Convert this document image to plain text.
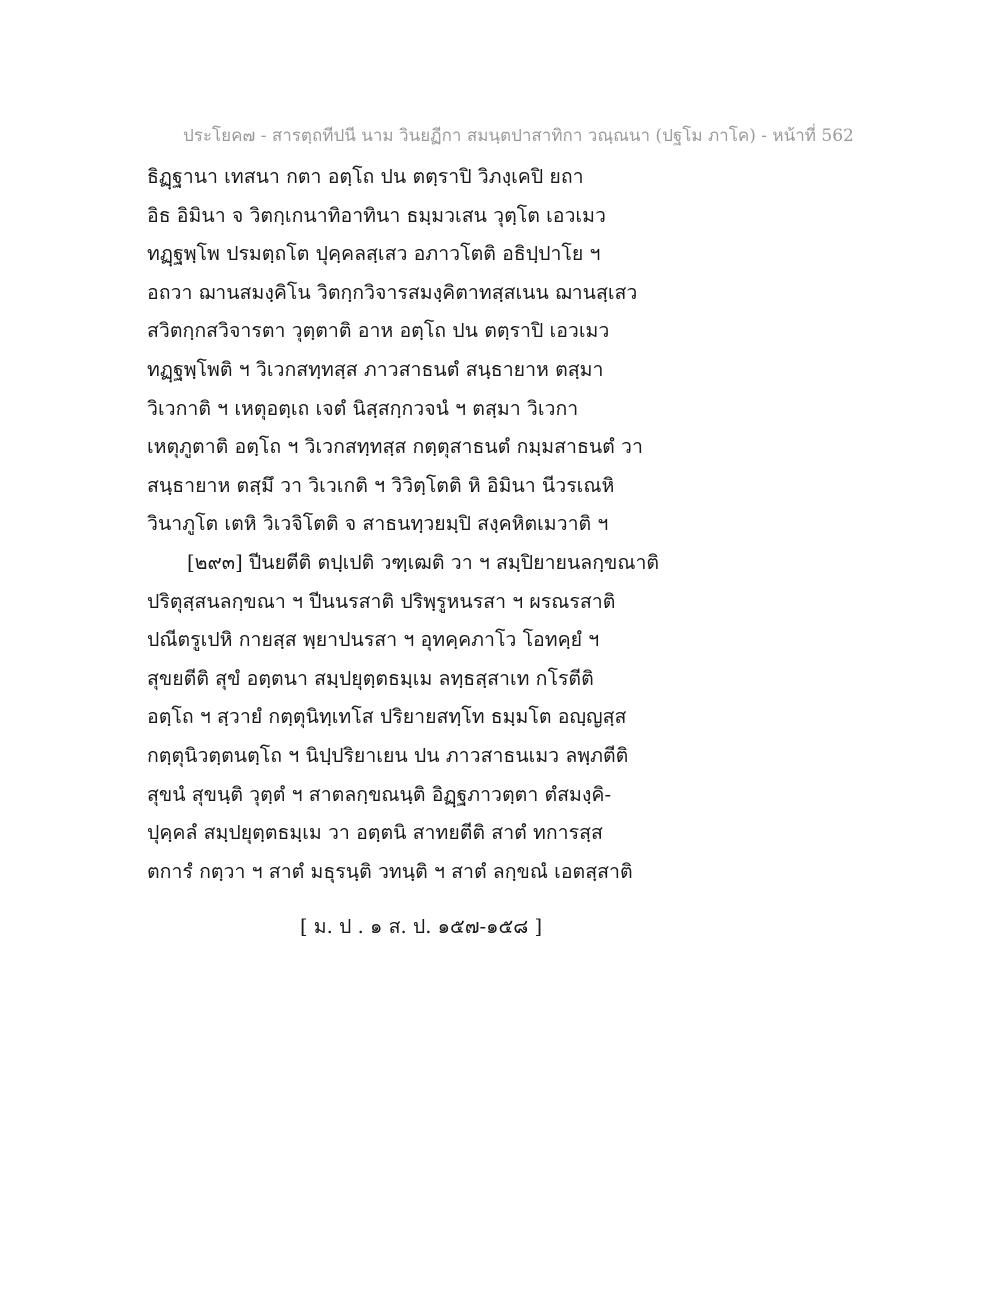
ประโยค๗ - สารตฺถทีปนี นาม วินยฏีกา สมนฺตปาสาทิกา วณฺณนา (ปฐโม ภาโค) - หน้าที่ 562
ธิฏฺฐานา เทสนา กตา อตฺโถ ปน ตตฺราปิ วิภงฺเคปิ ยถา
อิธ อิมินา จ วิตกฺเกนาทิอาทินา ธมฺมวเสน วุตฺโต เอวเมว
ทฏฺฐพฺโพ ปรมตฺถโต ปุคฺคลสฺเสว อภาวโตติ อธิปฺปาโย ฯ
อถวา ฌานสมงฺคิโน วิตกฺกวิจารสมงฺคิตาทสฺสเนน ฌานสฺเสว
สวิตกฺกสวิจารตา วุตฺตาติ อาห อตฺโถ ปน ตตฺราปิ เอวเมว
ทฏฺฐพฺโพติ ฯ วิเวกสทฺทสฺส ภาวสาธนตํ สนฺธายาห ตสฺมา
วิเวกาติ ฯ เหตุอตฺเถ เจตํ นิสฺสกฺกวจนํ ฯ ตสฺมา วิเวกา
เหตุภูตาติ อตฺโถ ฯ วิเวกสทฺทสฺส กตฺตุสาธนตํ กมฺมสาธนตํ วา
สนฺธายาห ตสฺมึ วา วิเวเกติ ฯ วิวิตฺโตติ หิ อิมินา นีวรเณหิ
วินาภูโต เตหิ วิเวจิโตติ จ สาธนทฺวยมฺปิ สงฺคหิตเมวาติ ฯ
[๒๙๓] ปีนยตีติ ตปฺเปติ วฑฺเฒติ วา ฯ สมฺปิยายนลกฺขณาติ
ปริตุสฺสนลกฺขณา ฯ ปีนนรสาติ ปริพฺรูหนรสา ฯ ผรณรสาติ
ปณีตรูเปหิ กายสฺส พฺยาปนรสา ฯ อุทคฺคภาโว โอทคฺยํ ฯ
สุขยตีติ สุขํ อตฺตนา สมฺปยุตฺตธมฺเม ลทฺธสฺสาเท กโรตีติ
อตฺโถ ฯ สฺวายํ กตฺตุนิทฺเทโส ปริยายสทฺโท ธมฺมโต อญฺญสฺส
กตฺตุนิวตฺตนตฺโถ ฯ นิปฺปริยาเยน ปน ภาวสาธนเมว ลพฺภตีติ
สุขนํ สุขนฺติ วุตฺตํ ฯ สาตลกฺขณนฺติ อิฏฺฐภาวตฺตา ตํสมงฺคิ-
ปุคฺคลํ สมฺปยุตฺตธมฺเม วา อตฺตนิ สาทยตีติ สาตํ ทการสฺส
ตการํ กตฺวา ฯ สาตํ มธุรนฺติ วทนฺติ ฯ สาตํ ลกฺขณํ เอตสฺสาติ
[ ม. ป . ๑ ส. ป. ๑๕๗-๑๕๘ ]
